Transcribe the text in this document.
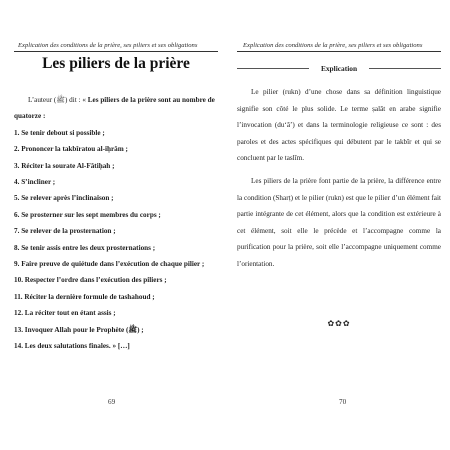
Explication des conditions de la prière, ses piliers et ses obligations
Les piliers de la prière

L’auteur (ﷺ) dit : « Les piliers de la prière sont au nombre de quatorze :

1. Se tenir debout si possible ;
2. Prononcer la takbîratou al-iḥrâm ;
3. Réciter la sourate Al-Fâtiḥah ;
4. S’incliner ;
5. Se relever après l’inclinaison ;
6. Se prosterner sur les sept membres du corps ;
7. Se relever de la prosternation ;
8. Se tenir assis entre les deux prosternations ;
9. Faire preuve de quiétude dans l’exécution de chaque pilier ;
10. Respecter l’ordre dans l’exécution des piliers ;
11. Réciter la dernière formule de tashahoud ;
12. La réciter tout en étant assis ;
13. Invoquer Allah pour le Prophète (ﷺ) ;
14. Les deux salutations finales. » […]
69
Explication des conditions de la prière, ses piliers et ses obligations
Explication

Le pilier (rukn) d’une chose dans sa définition linguistique signifie son côté le plus solide. Le terme ṣalât en arabe signifie l’invocation (du‘â’) et dans la terminologie religieuse ce sont : des paroles et des actes spécifiques qui débutent par le takbîr et qui se concluent par le taslîm.

Les piliers de la prière font partie de la prière, la différence entre la condition (Sharṭ) et le pilier (rukn) est que le pilier d’un élément fait partie intégrante de cet élément, alors que la condition est extérieure à cet élément, soit elle le précède et l’accompagne comme la purification pour la prière, soit elle l’accompagne uniquement comme l’orientation.

✿✿✿
70
